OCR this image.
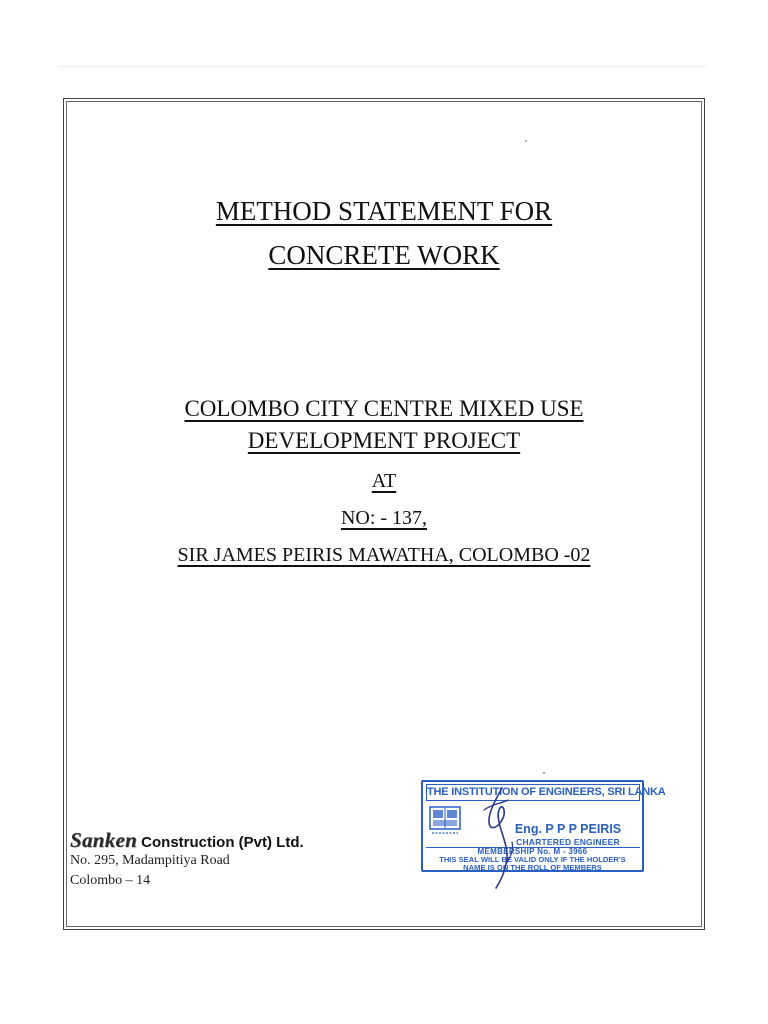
METHOD STATEMENT FOR
CONCRETE WORK
COLOMBO CITY CENTRE MIXED USE
DEVELOPMENT PROJECT
AT
NO: - 137,
SIR JAMES PEIRIS MAWATHA, COLOMBO -02
Sanken Construction (Pvt) Ltd.
No. 295, Madampitiya Road
Colombo – 14
THE INSTITUTION OF ENGINEERS, SRI LANKA
Eng. P P P PEIRIS
CHARTERED ENGINEER
MEMBERSHIP No. M - 3966
THIS SEAL WILL BE VALID ONLY IF THE HOLDER'S
NAME IS ON THE ROLL OF MEMBERS
